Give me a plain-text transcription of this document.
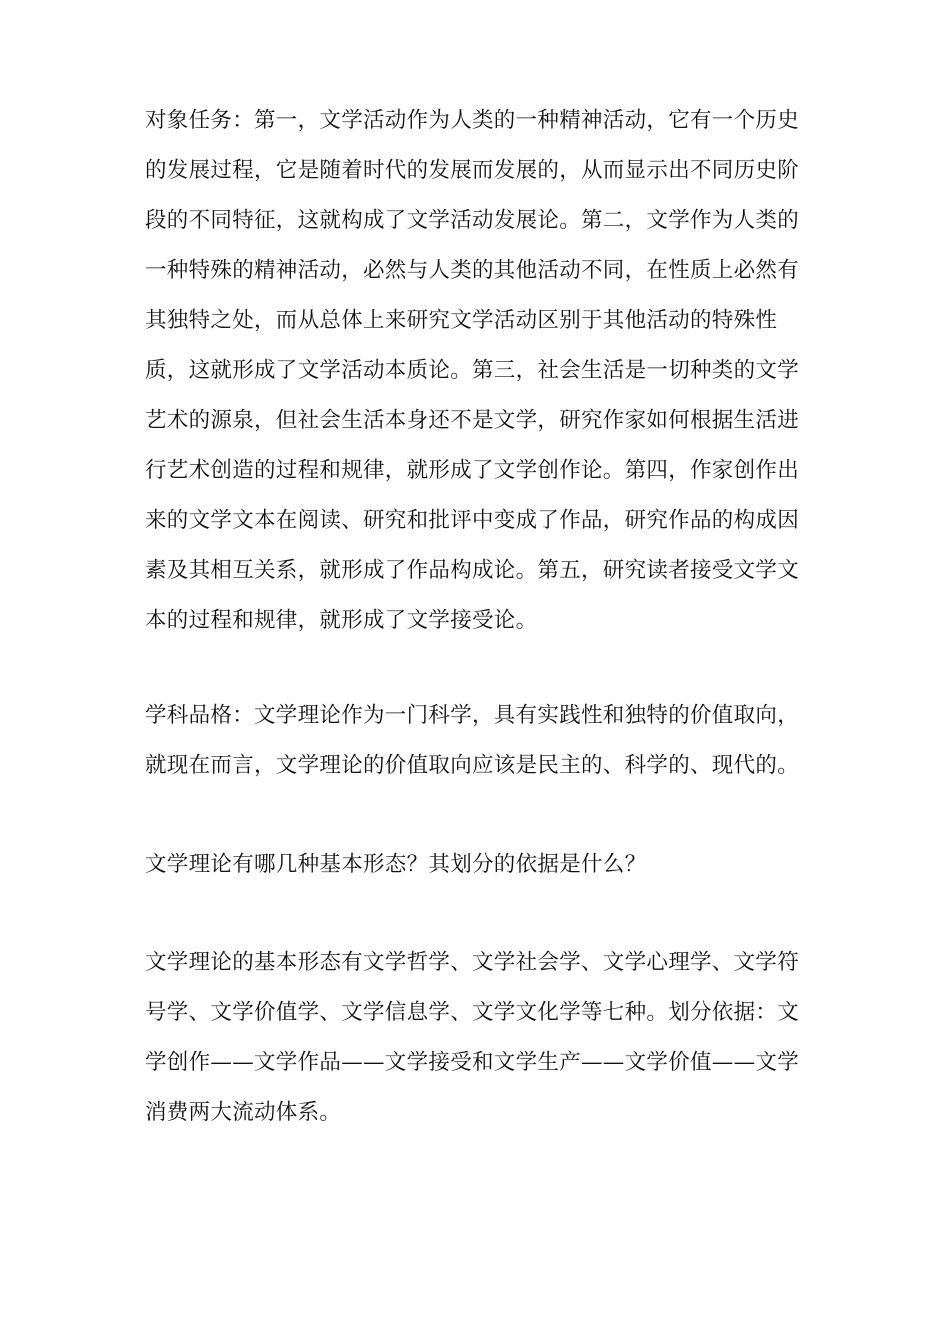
对象任务：第一，文学活动作为人类的一种精神活动，它有一个历史的发展过程，它是随着时代的发展而发展的，从而显示出不同历史阶段的不同特征，这就构成了文学活动发展论。第二，文学作为人类的一种特殊的精神活动，必然与人类的其他活动不同，在性质上必然有其独特之处，而从总体上来研究文学活动区别于其他活动的特殊性质，这就形成了文学活动本质论。第三，社会生活是一切种类的文学艺术的源泉，但社会生活本身还不是文学，研究作家如何根据生活进行艺术创造的过程和规律，就形成了文学创作论。第四，作家创作出来的文学文本在阅读、研究和批评中变成了作品，研究作品的构成因素及其相互关系，就形成了作品构成论。第五，研究读者接受文学文本的过程和规律，就形成了文学接受论。

学科品格：文学理论作为一门科学，具有实践性和独特的价值取向，就现在而言，文学理论的价值取向应该是民主的、科学的、现代的。

文学理论有哪几种基本形态？其划分的依据是什么？

文学理论的基本形态有文学哲学、文学社会学、文学心理学、文学符号学、文学价值学、文学信息学、文学文化学等七种。划分依据：文学创作——文学作品——文学接受和文学生产——文学价值——文学消费两大流动体系。
